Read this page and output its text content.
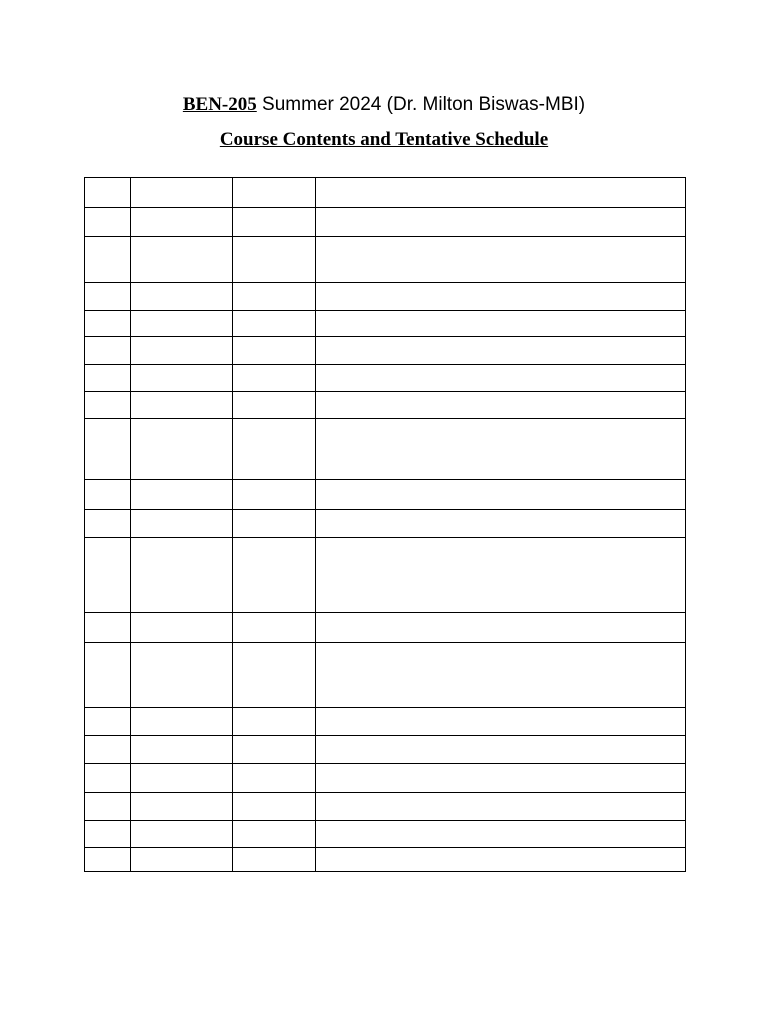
BEN-205 Summer 2024 (Dr. Milton Biswas-MBI)
Course Contents and Tentative Schedule
